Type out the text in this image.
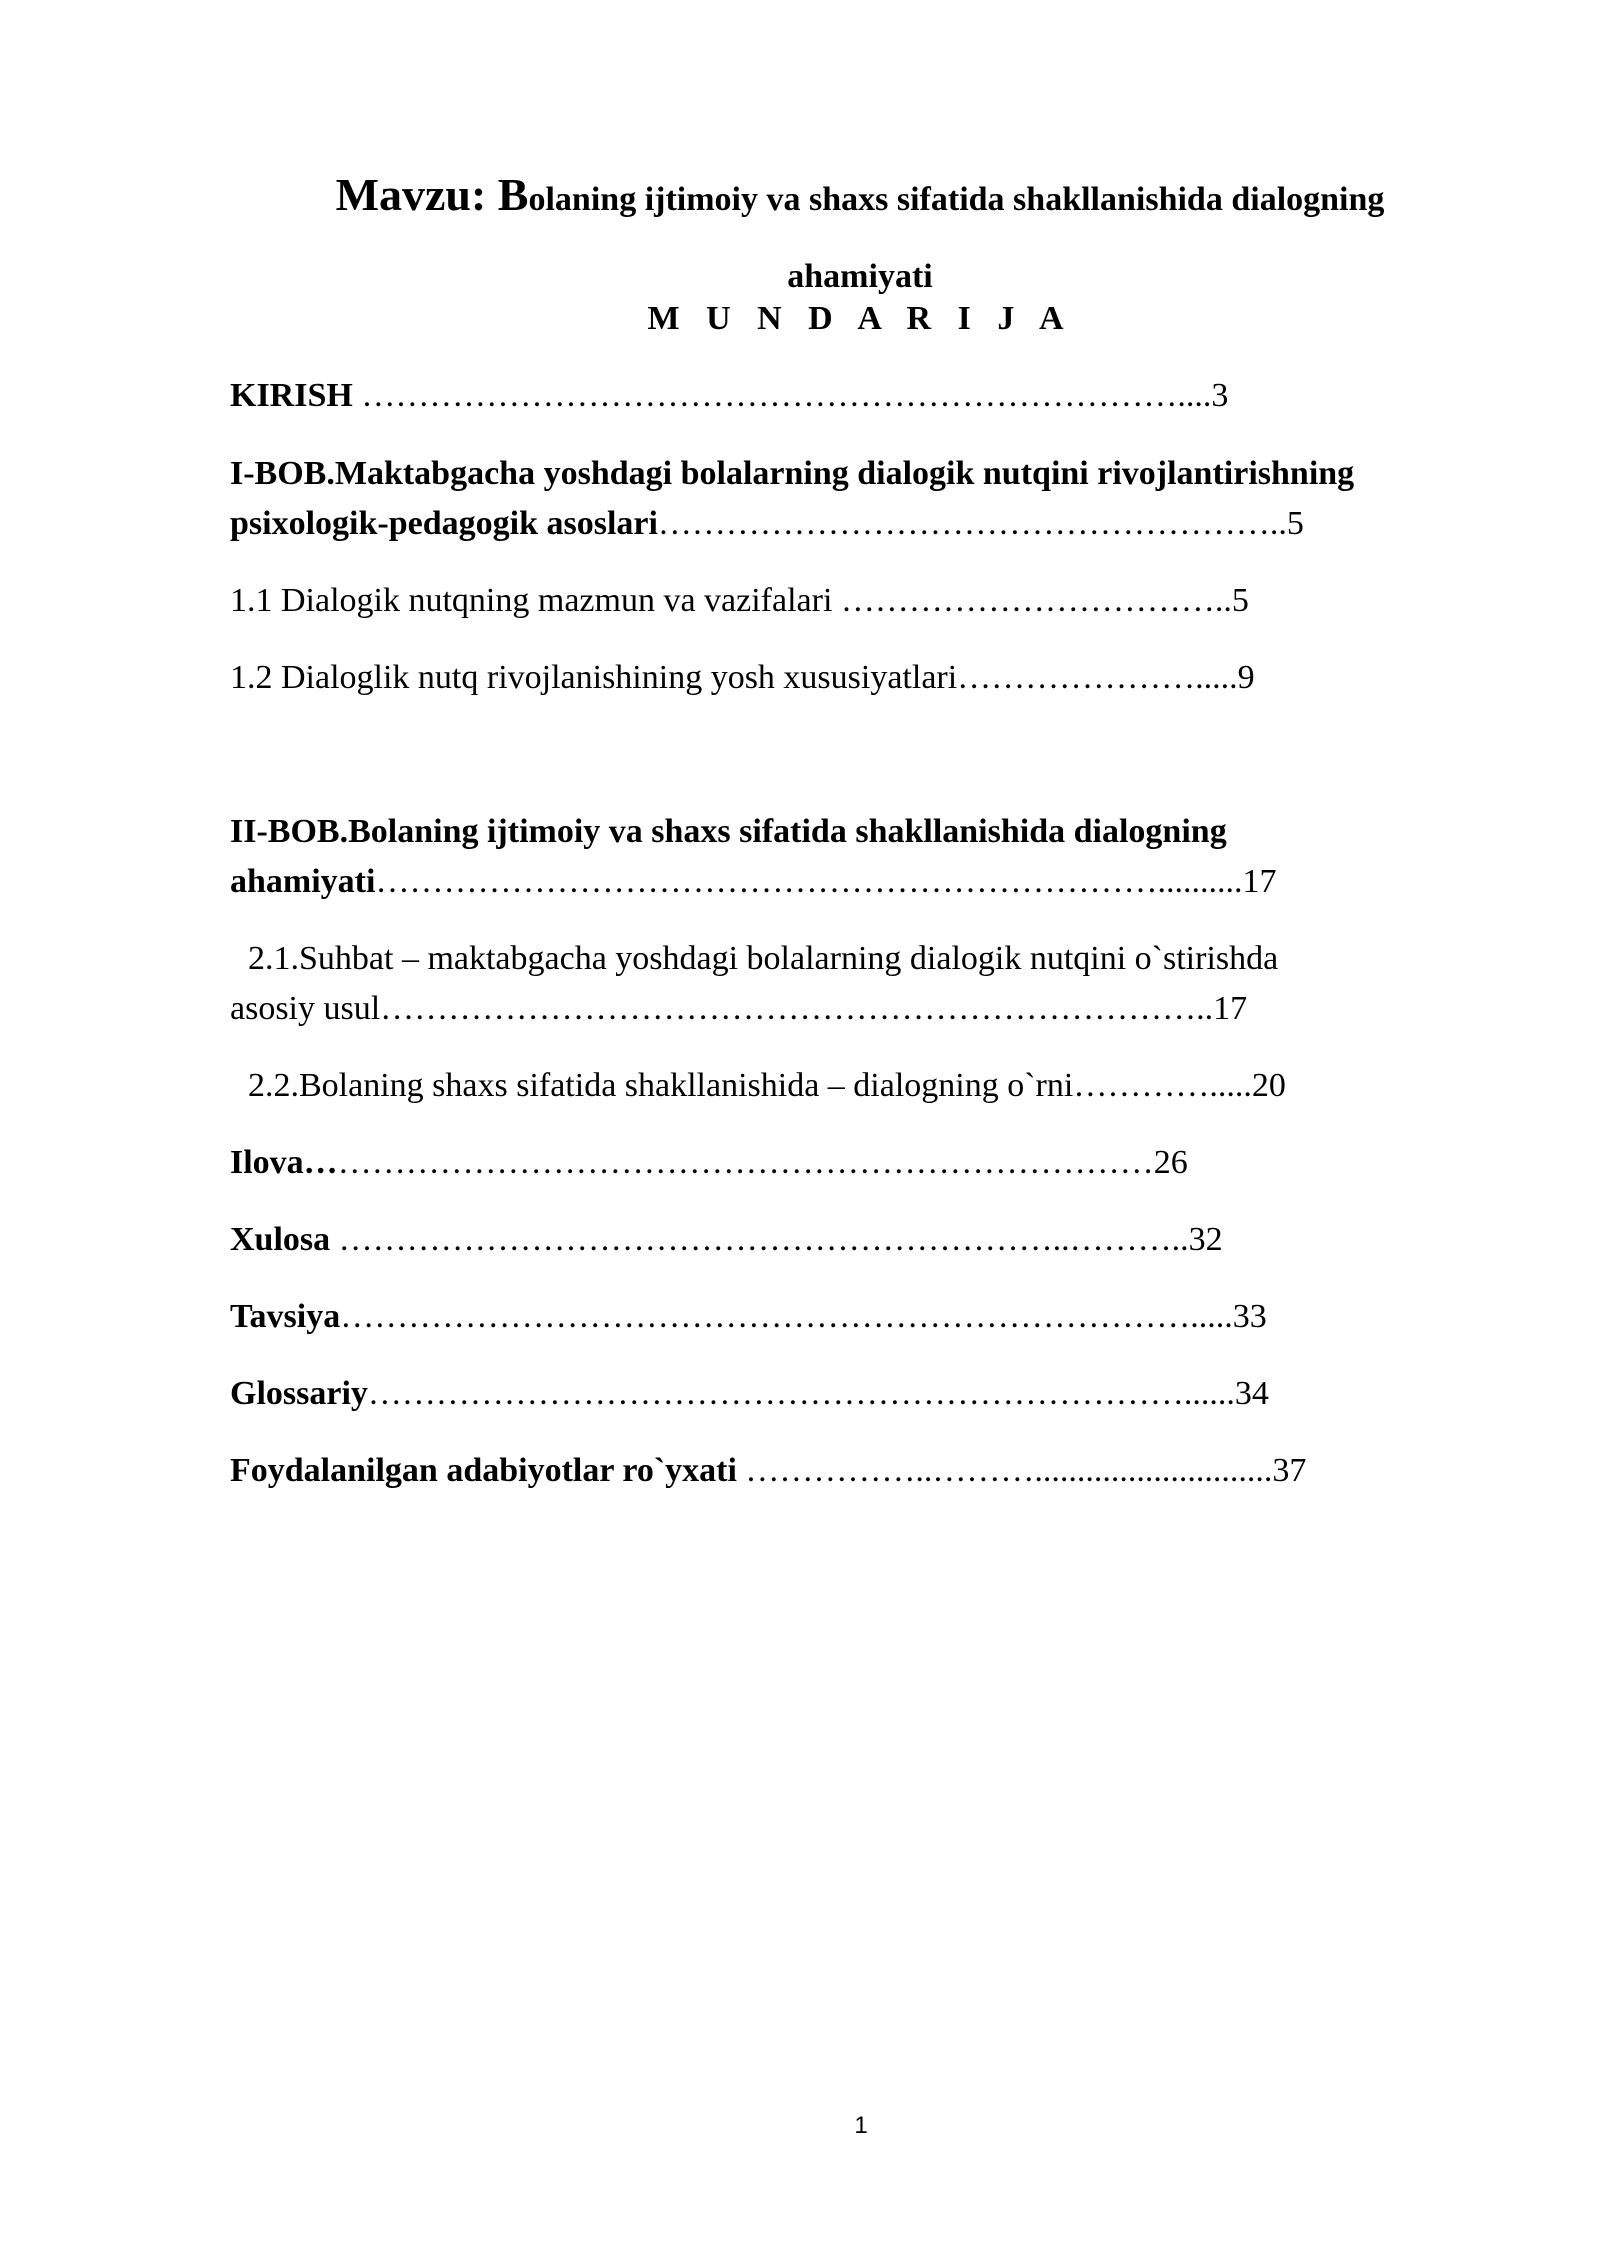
Mavzu: Bolaning ijtimoiy va shaxs sifatida shakllanishida dialogning
ahamiyati
M U N D A R I J A
KIRISH ………………………………………………………………....3
I-BOB.Maktabgacha yoshdagi bolalarning dialogik nutqini rivojlantirishning
psixologik-pedagogik asoslari………………………………………………..5
1.1 Dialogik nutqning mazmun va vazifalari ……………………………..5
1.2 Dialoglik nutq rivojlanishining yosh xususiyatlari………………….....9
II-BOB.Bolaning ijtimoiy va shaxs sifatida shakllanishida dialogning
ahamiyati……………………………………………………………..........17
2.1.Suhbat – maktabgacha yoshdagi bolalarning dialogik nutqini o`stirishda
asosiy usul………………………………………………………………..17
2.2.Bolaning shaxs sifatida shakllanishida – dialogning o`rni………….....20
Ilova…………………………………………………………………26
Xulosa ………………………………………………………..………..32
Tavsiya………………………………………………………………….....33
Glossariy………………………………………………………………......34
Foydalanilgan adabiyotlar ro`yxati ……………..………............................37
1
